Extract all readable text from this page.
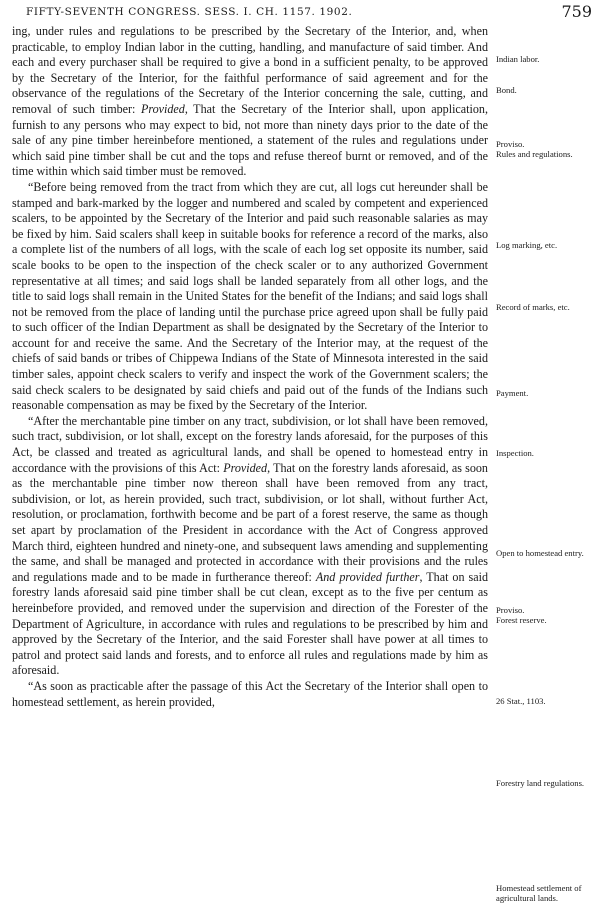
FIFTY-SEVENTH CONGRESS. SESS. I. CH. 1157. 1902.	759

ing, under rules and regulations to be prescribed by the Secretary of the Interior, and, when practicable, to employ Indian labor in the cutting, handling, and manufacture of said timber. And each and every purchaser shall be required to give a bond in a sufficient penalty, to be approved by the Secretary of the Interior, for the faithful performance of said agreement and for the observance of the regulations of the Secretary of the Interior concerning the sale, cutting, and removal of such timber: Provided, That the Secretary of the Interior shall, upon application, furnish to any persons who may expect to bid, not more than ninety days prior to the date of the sale of any pine timber hereinbefore mentioned, a statement of the rules and regulations under which said pine timber shall be cut and the tops and refuse thereof burnt or removed, and of the time within which said timber must be removed.

“Before being removed from the tract from which they are cut, all logs cut hereunder shall be stamped and bark-marked by the logger and numbered and scaled by competent and experienced scalers, to be appointed by the Secretary of the Interior and paid such reasonable salaries as may be fixed by him. Said scalers shall keep in suitable books for reference a record of the marks, also a complete list of the numbers of all logs, with the scale of each log set opposite its number, said scale books to be open to the inspection of the check scaler or to any authorized Government representative at all times; and said logs shall be landed separately from all other logs, and the title to said logs shall remain in the United States for the benefit of the Indians; and said logs shall not be removed from the place of landing until the purchase price agreed upon shall be fully paid to such officer of the Indian Department as shall be designated by the Secretary of the Interior to account for and receive the same. And the Secretary of the Interior may, at the request of the chiefs of said bands or tribes of Chippewa Indians of the State of Minnesota interested in the said timber sales, appoint check scalers to verify and inspect the work of the Government scalers; the said check scalers to be designated by said chiefs and paid out of the funds of the Indians such reasonable compensation as may be fixed by the Secretary of the Interior.

“After the merchantable pine timber on any tract, subdivision, or lot shall have been removed, such tract, subdivision, or lot shall, except on the forestry lands aforesaid, for the purposes of this Act, be classed and treated as agricultural lands, and shall be opened to homestead entry in accordance with the provisions of this Act: Provided, That on the forestry lands aforesaid, as soon as the merchantable pine timber now thereon shall have been removed from any tract, subdivision, or lot, as herein provided, such tract, subdivision, or lot shall, without further Act, resolution, or proclamation, forthwith become and be part of a forest reserve, the same as though set apart by proclamation of the President in accordance with the Act of Congress approved March third, eighteen hundred and ninety-one, and subsequent laws amending and supplementing the same, and shall be managed and protected in accordance with their provisions and the rules and regulations made and to be made in furtherance thereof: And provided further, That on said forestry lands aforesaid said pine timber shall be cut clean, except as to the five per centum as hereinbefore provided, and removed under the supervision and direction of the Forester of the Department of Agriculture, in accordance with rules and regulations to be prescribed by him and approved by the Secretary of the Interior, and the said Forester shall have power at all times to patrol and protect said lands and forests, and to enforce all rules and regulations made by him as aforesaid.

“As soon as practicable after the passage of this Act the Secretary of the Interior shall open to homestead settlement, as herein provided,

Indian labor.
Bond.
Proviso.
Rules and regulations.
Log marking, etc.
Record of marks, etc.
Payment.
Inspection.
Open to homestead entry.
Proviso.
Forest reserve.
26 Stat., 1103.
Forestry land regulations.
Homestead settlement of agricultural lands.
